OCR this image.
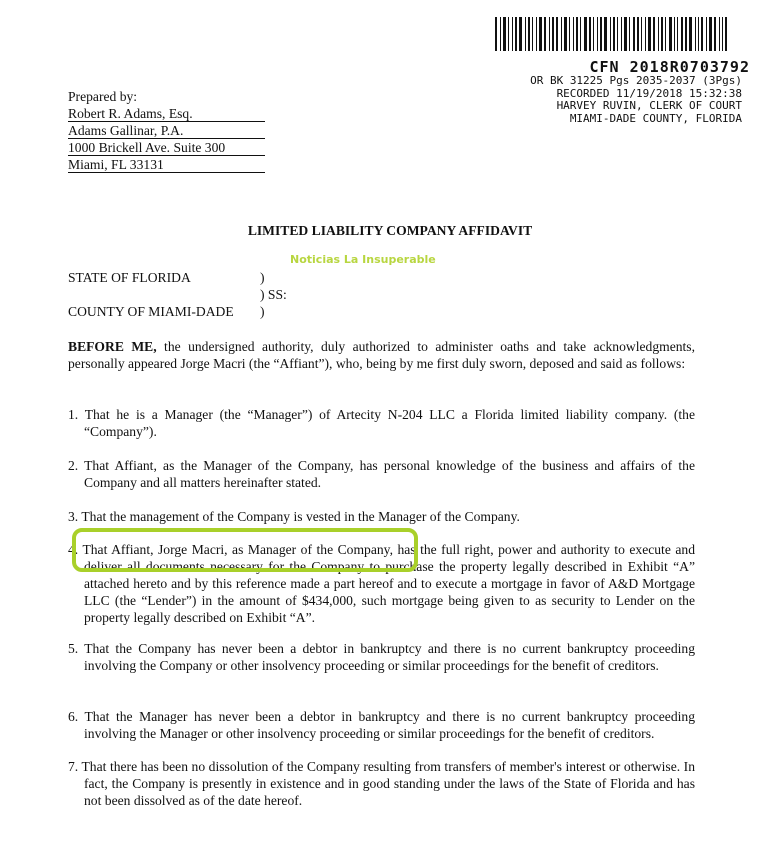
CFN 2018R0703792
OR BK 31225 Pgs 2035-2037 (3Pgs)
RECORDED 11/19/2018 15:32:38
HARVEY RUVIN, CLERK OF COURT
MIAMI-DADE COUNTY, FLORIDA
Prepared by:
Robert R. Adams, Esq.
Adams Gallinar, P.A.
1000 Brickell Ave. Suite 300
Miami, FL 33131
LIMITED LIABILITY COMPANY AFFIDAVIT
Noticias La Insuperable
STATE OF FLORIDA	)
) SS:
COUNTY OF MIAMI-DADE )
BEFORE ME, the undersigned authority, duly authorized to administer oaths and take acknowledgments, personally appeared Jorge Macri (the “Affiant”), who, being by me first duly sworn, deposed and said as follows:
1. That he is a Manager (the “Manager”) of Artecity N-204 LLC a Florida limited liability company. (the “Company”).
2. That Affiant, as the Manager of the Company, has personal knowledge of the business and affairs of the Company and all matters hereinafter stated.
3. That the management of the Company is vested in the Manager of the Company.
4. That Affiant, Jorge Macri, as Manager of the Company, has the full right, power and authority to execute and deliver all documents necessary for the Company to purchase the property legally described in Exhibit “A” attached hereto and by this reference made a part hereof and to execute a mortgage in favor of A&D Mortgage LLC (the “Lender”) in the amount of $434,000, such mortgage being given to as security to Lender on the property legally described on Exhibit “A”.
5. That the Company has never been a debtor in bankruptcy and there is no current bankruptcy proceeding involving the Company or other insolvency proceeding or similar proceedings for the benefit of creditors.
6. That the Manager has never been a debtor in bankruptcy and there is no current bankruptcy proceeding involving the Manager or other insolvency proceeding or similar proceedings for the benefit of creditors.
7. That there has been no dissolution of the Company resulting from transfers of member's interest or otherwise. In fact, the Company is presently in existence and in good standing under the laws of the State of Florida and has not been dissolved as of the date hereof.
